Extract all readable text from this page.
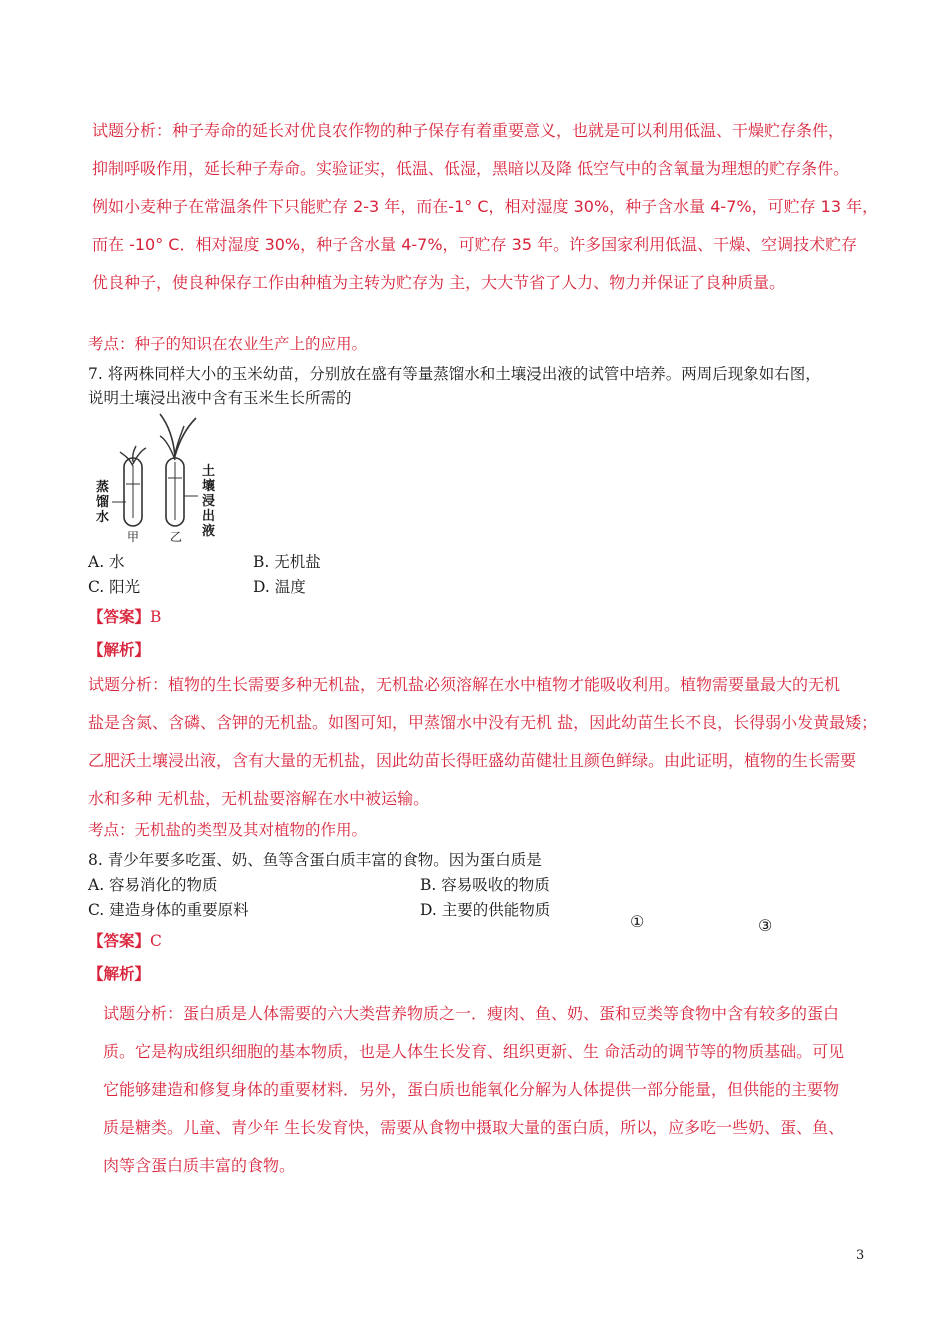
试题分析：种子寿命的延长对优良农作物的种子保存有着重要意义，也就是可以利用低温、干燥贮存条件，
抑制呼吸作用，延长种子寿命。实验证实，低温、低湿，黑暗以及降 低空气中的含氧量为理想的贮存条件。
例如小麦种子在常温条件下只能贮存 2-3 年，而在-1° C，相对湿度 30%，种子含水量 4-7%，可贮存 13 年，
而在 -10° C．相对湿度 30%，种子含水量 4-7%，可贮存 35 年。许多国家利用低温、干燥、空调技术贮存
优良种子，使良种保存工作由种植为主转为贮存为 主，大大节省了人力、物力并保证了良种质量。
考点：种子的知识在农业生产上的应用。
7. 将两株同样大小的玉米幼苗，分别放在盛有等量蒸馏水和土壤浸出液的试管中培养。两周后现象如右图，
说明土壤浸出液中含有玉米生长所需的
蒸馏水
土壤浸出液
甲	乙
A. 水	B. 无机盐
C. 阳光	D. 温度
【答案】B
【解析】
试题分析：植物的生长需要多种无机盐，无机盐必须溶解在水中植物才能吸收利用。植物需要量最大的无机
盐是含氮、含磷、含钾的无机盐。如图可知，甲蒸馏水中没有无机 盐，因此幼苗生长不良，长得弱小发黄最矮；
乙肥沃土壤浸出液，含有大量的无机盐，因此幼苗长得旺盛幼苗健壮且颜色鲜绿。由此证明，植物的生长需要
水和多种 无机盐，无机盐要溶解在水中被运输。
考点：无机盐的类型及其对植物的作用。
8. 青少年要多吃蛋、奶、鱼等含蛋白质丰富的食物。因为蛋白质是
A. 容易消化的物质	B. 容易吸收的物质
C. 建造身体的重要原料	D. 主要的供能物质
①	③
【答案】C
【解析】
试题分析：蛋白质是人体需要的六大类营养物质之一．瘦肉、鱼、奶、蛋和豆类等食物中含有较多的蛋白
质。它是构成组织细胞的基本物质，也是人体生长发育、组织更新、生 命活动的调节等的物质基础。可见
它能够建造和修复身体的重要材料．另外，蛋白质也能氧化分解为人体提供一部分能量，但供能的主要物
质是糖类。儿童、青少年 生长发育快，需要从食物中摄取大量的蛋白质，所以，应多吃一些奶、蛋、鱼、
肉等含蛋白质丰富的食物。
3
